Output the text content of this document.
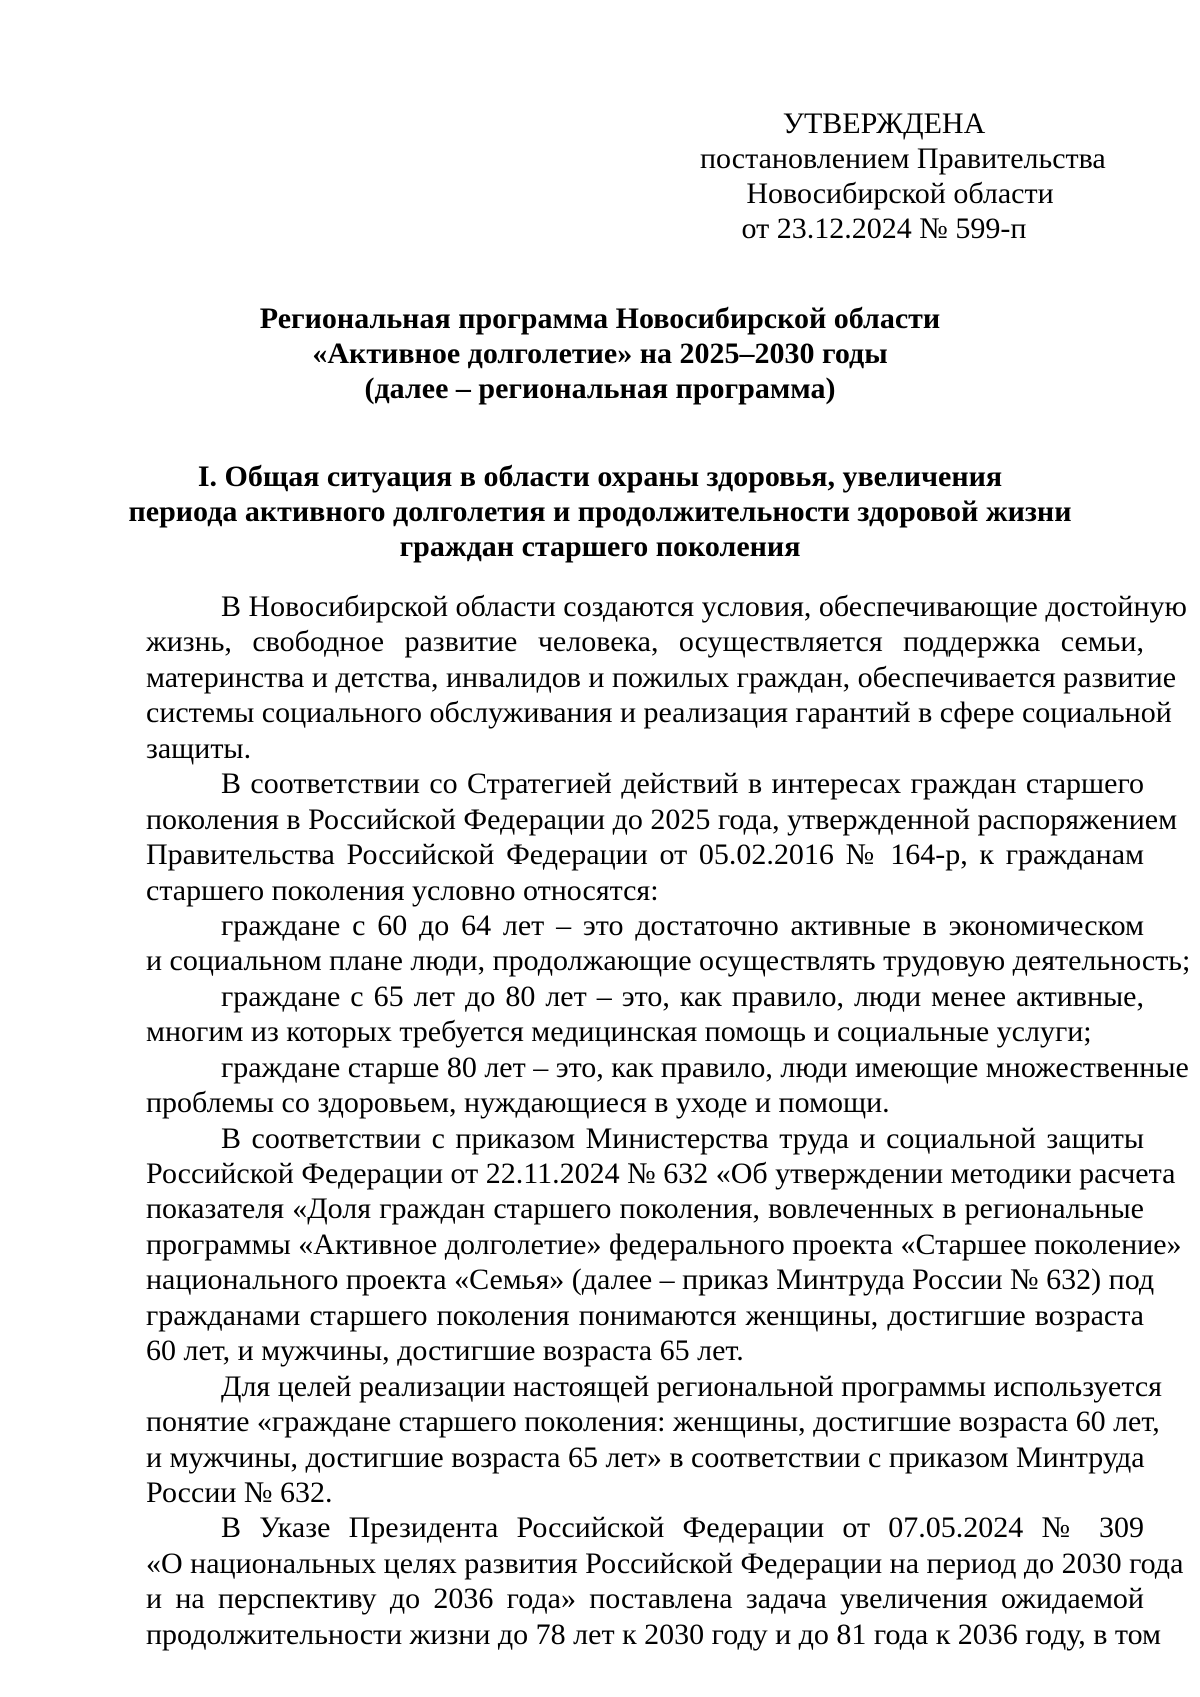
УТВЕРЖДЕНА
постановлением Правительства
Новосибирской области
от 23.12.2024 № 599-п
Региональная программа Новосибирской области
«Активное долголетие» на 2025–2030 годы
(далее – региональная программа)
I. Общая ситуация в области охраны здоровья, увеличения
периода активного долголетия и продолжительности здоровой жизни
граждан старшего поколения
В Новосибирской области создаются условия, обеспечивающие достойную
жизнь, свободное развитие человека, осуществляется поддержка семьи,
материнства и детства, инвалидов и пожилых граждан, обеспечивается развитие
системы социального обслуживания и реализация гарантий в сфере социальной
защиты.
В соответствии со Стратегией действий в интересах граждан старшего
поколения в Российской Федерации до 2025 года, утвержденной распоряжением
Правительства Российской Федерации от 05.02.2016 № 164-р, к гражданам
старшего поколения условно относятся:
граждане с 60 до 64 лет – это достаточно активные в экономическом
и социальном плане люди, продолжающие осуществлять трудовую деятельность;
граждане с 65 лет до 80 лет – это, как правило, люди менее активные,
многим из которых требуется медицинская помощь и социальные услуги;
граждане старше 80 лет – это, как правило, люди имеющие множественные
проблемы со здоровьем, нуждающиеся в уходе и помощи.
В соответствии с приказом Министерства труда и социальной защиты
Российской Федерации от 22.11.2024 № 632 «Об утверждении методики расчета
показателя «Доля граждан старшего поколения, вовлеченных в региональные
программы «Активное долголетие» федерального проекта «Старшее поколение»
национального проекта «Семья» (далее – приказ Минтруда России № 632) под
гражданами старшего поколения понимаются женщины, достигшие возраста
60 лет, и мужчины, достигшие возраста 65 лет.
Для целей реализации настоящей региональной программы используется
понятие «граждане старшего поколения: женщины, достигшие возраста 60 лет,
и мужчины, достигшие возраста 65 лет» в соответствии с приказом Минтруда
России № 632.
В Указе Президента Российской Федерации от 07.05.2024 № 309
«О национальных целях развития Российской Федерации на период до 2030 года
и на перспективу до 2036 года» поставлена задача увеличения ожидаемой
продолжительности жизни до 78 лет к 2030 году и до 81 года к 2036 году, в том
